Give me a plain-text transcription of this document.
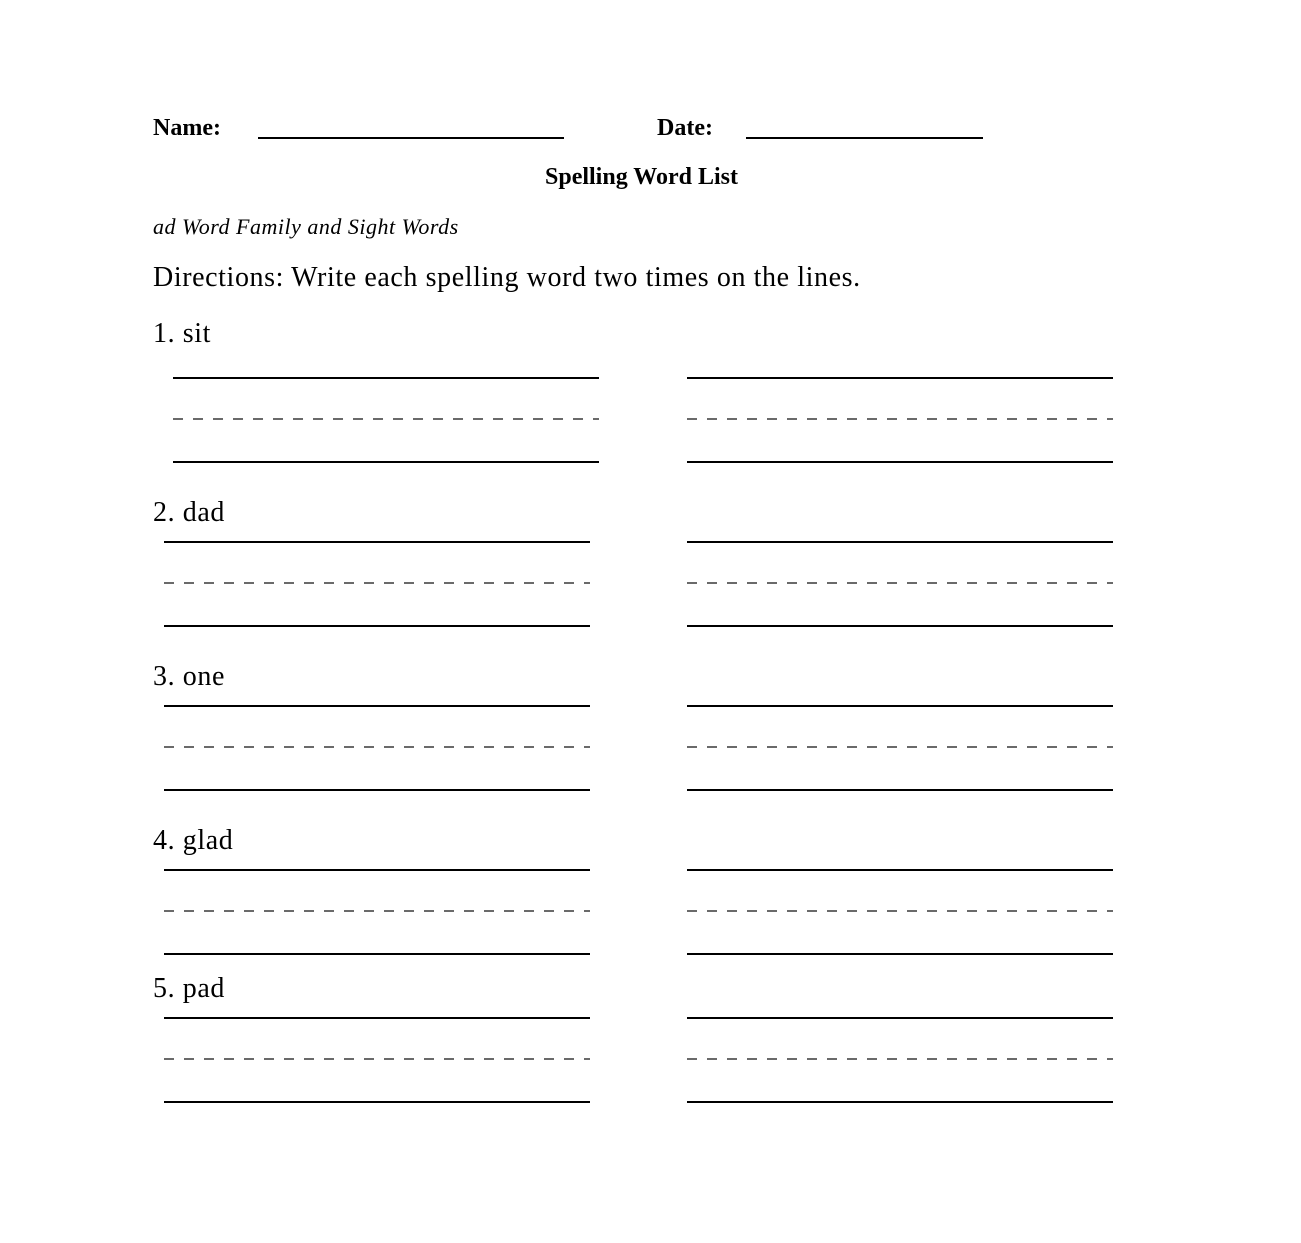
Name:	Date:
Spelling Word List
ad Word Family and Sight Words
Directions: Write each spelling word two times on the lines.
1. sit
2. dad
3. one
4. glad
5. pad
